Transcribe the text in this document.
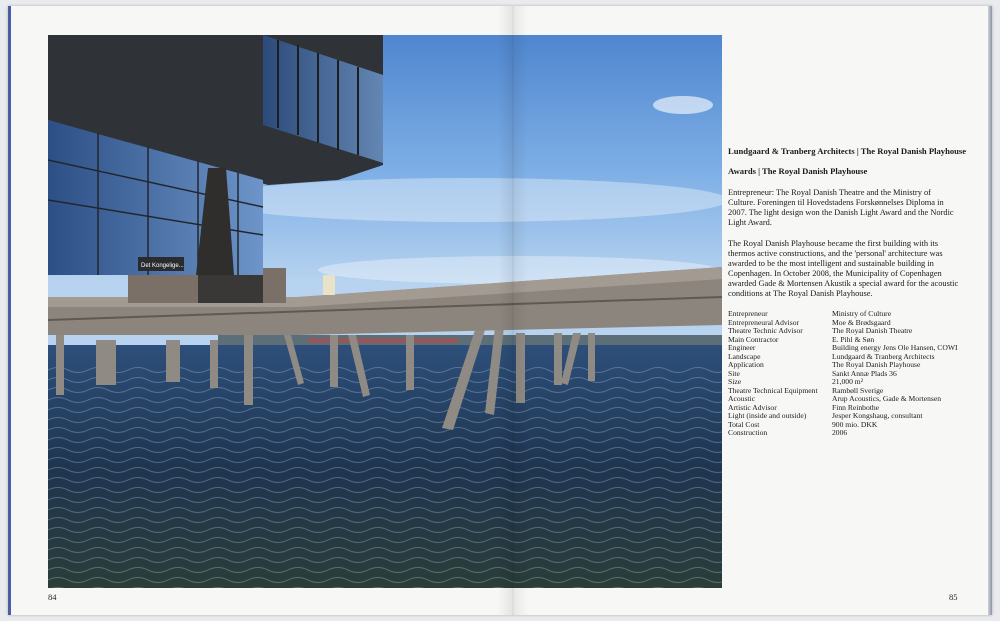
Det Kongelige...

Lundgaard & Tranberg Architects | The Royal Danish Playhouse

Awards | The Royal Danish Playhouse

Entrepreneur: The Royal Danish Theatre and the Ministry of Culture. Foreningen til Hovedstadens Forskønnelses Diploma in 2007. The light design won the Danish Light Award and the Nordic Light Award.

The Royal Danish Playhouse became the first building with its thermos active constructions, and the 'personal' architecture was awarded to be the most intelligent and sustainable building in Copenhagen. In October 2008, the Municipality of Copenhagen awarded Gade & Mortensen Akustik a special award for the acoustic conditions at The Royal Danish Playhouse.

Entrepreneur	Ministry of Culture
Entrepreneural Advisor	Moe & Brødsgaard
Theatre Technic Advisor	The Royal Danish Theatre
Main Contractor	E. Pihl & Søn
Engineer	Building energy Jens Ole Hansen, COWI
Landscape	Lundgaard & Tranberg Architects
Application	The Royal Danish Playhouse
Site	Sankt Annæ Plads 36
Size	21,000 m²
Theatre Technical Equipment	Rambøll Sverige
Acoustic	Arup Acoustics, Gade & Mortensen
Artistic Advisor	Finn Reinbothe
Light (inside and outside)	Jesper Kongshaug, consultant
Total Cost	900 mio. DKK
Construction	2006
84	85
